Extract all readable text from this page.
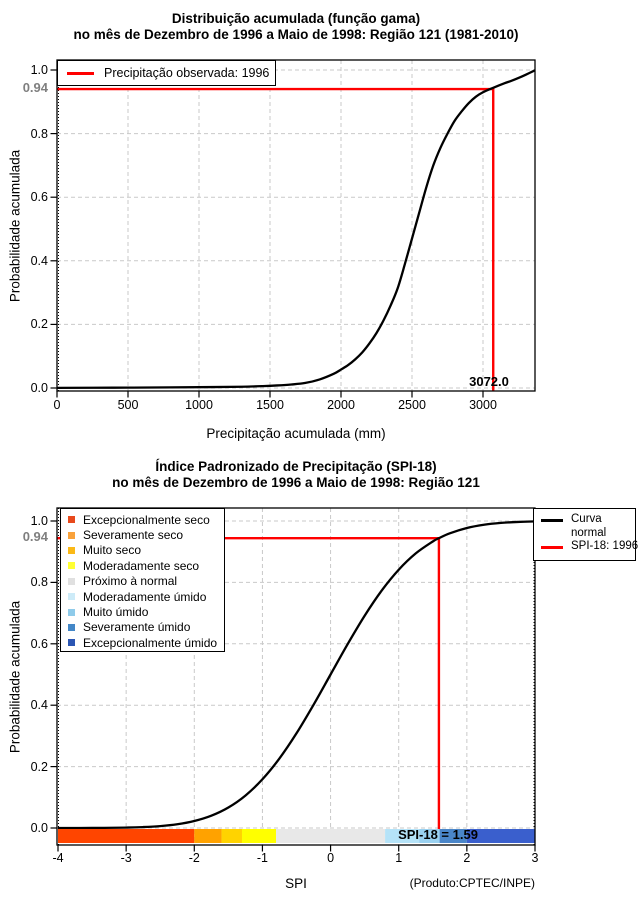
Distribuição acumulada (função gama)
no mês de Dezembro de 1996 a Maio de 1998: Região 121 (1981-2010)
Precipitação observada: 1996
0.94
3072.0
Probabilidade acumulada
Precipitação acumulada (mm)
Índice Padronizado de Precipitação (SPI-18)
no mês de Dezembro de 1996 a Maio de 1998: Região 121
Excepcionalmente seco
Severamente seco
Muito seco
Moderadamente seco
Próximo à normal
Moderadamente úmido
Muito úmido
Severamente úmido
Excepcionalmente úmido
Curva
normal
SPI-18: 1996
0.94
SPI-18 = 1.59
Probabilidade acumulada
SPI	(Produto:CPTEC/INPE)
1.0
0.8
0.6
0.4
0.2
0.0
0	500	1000	1500	2000	2500	3000
1.0
0.8
0.6
0.4
0.2
0.0
-4	-3	-2	-1	0	1	2	3
